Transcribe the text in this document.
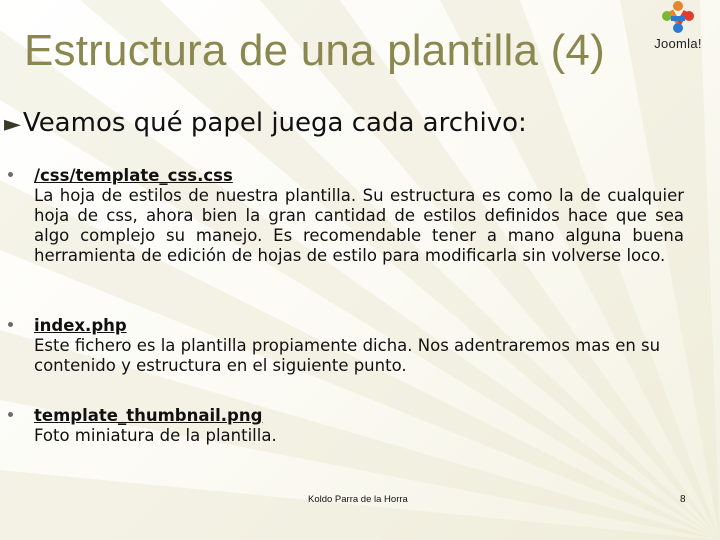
Estructura de una plantilla (4)	Joomla!
►Veamos qué papel juega cada archivo:
/css/template_css.css

La hoja de estilos de nuestra plantilla. Su estructura es como la de cualquier hoja de css, ahora bien la gran cantidad de estilos definidos hace que sea algo complejo su manejo. Es recomendable tener a mano alguna buena herramienta de edición de hojas de estilo para modificarla sin volverse loco.

index.php

Este fichero es la plantilla propiamente dicha. Nos adentraremos mas en su contenido y estructura en el siguiente punto.

template_thumbnail.png

Foto miniatura de la plantilla.

Koldo Parra de la Horra	8
